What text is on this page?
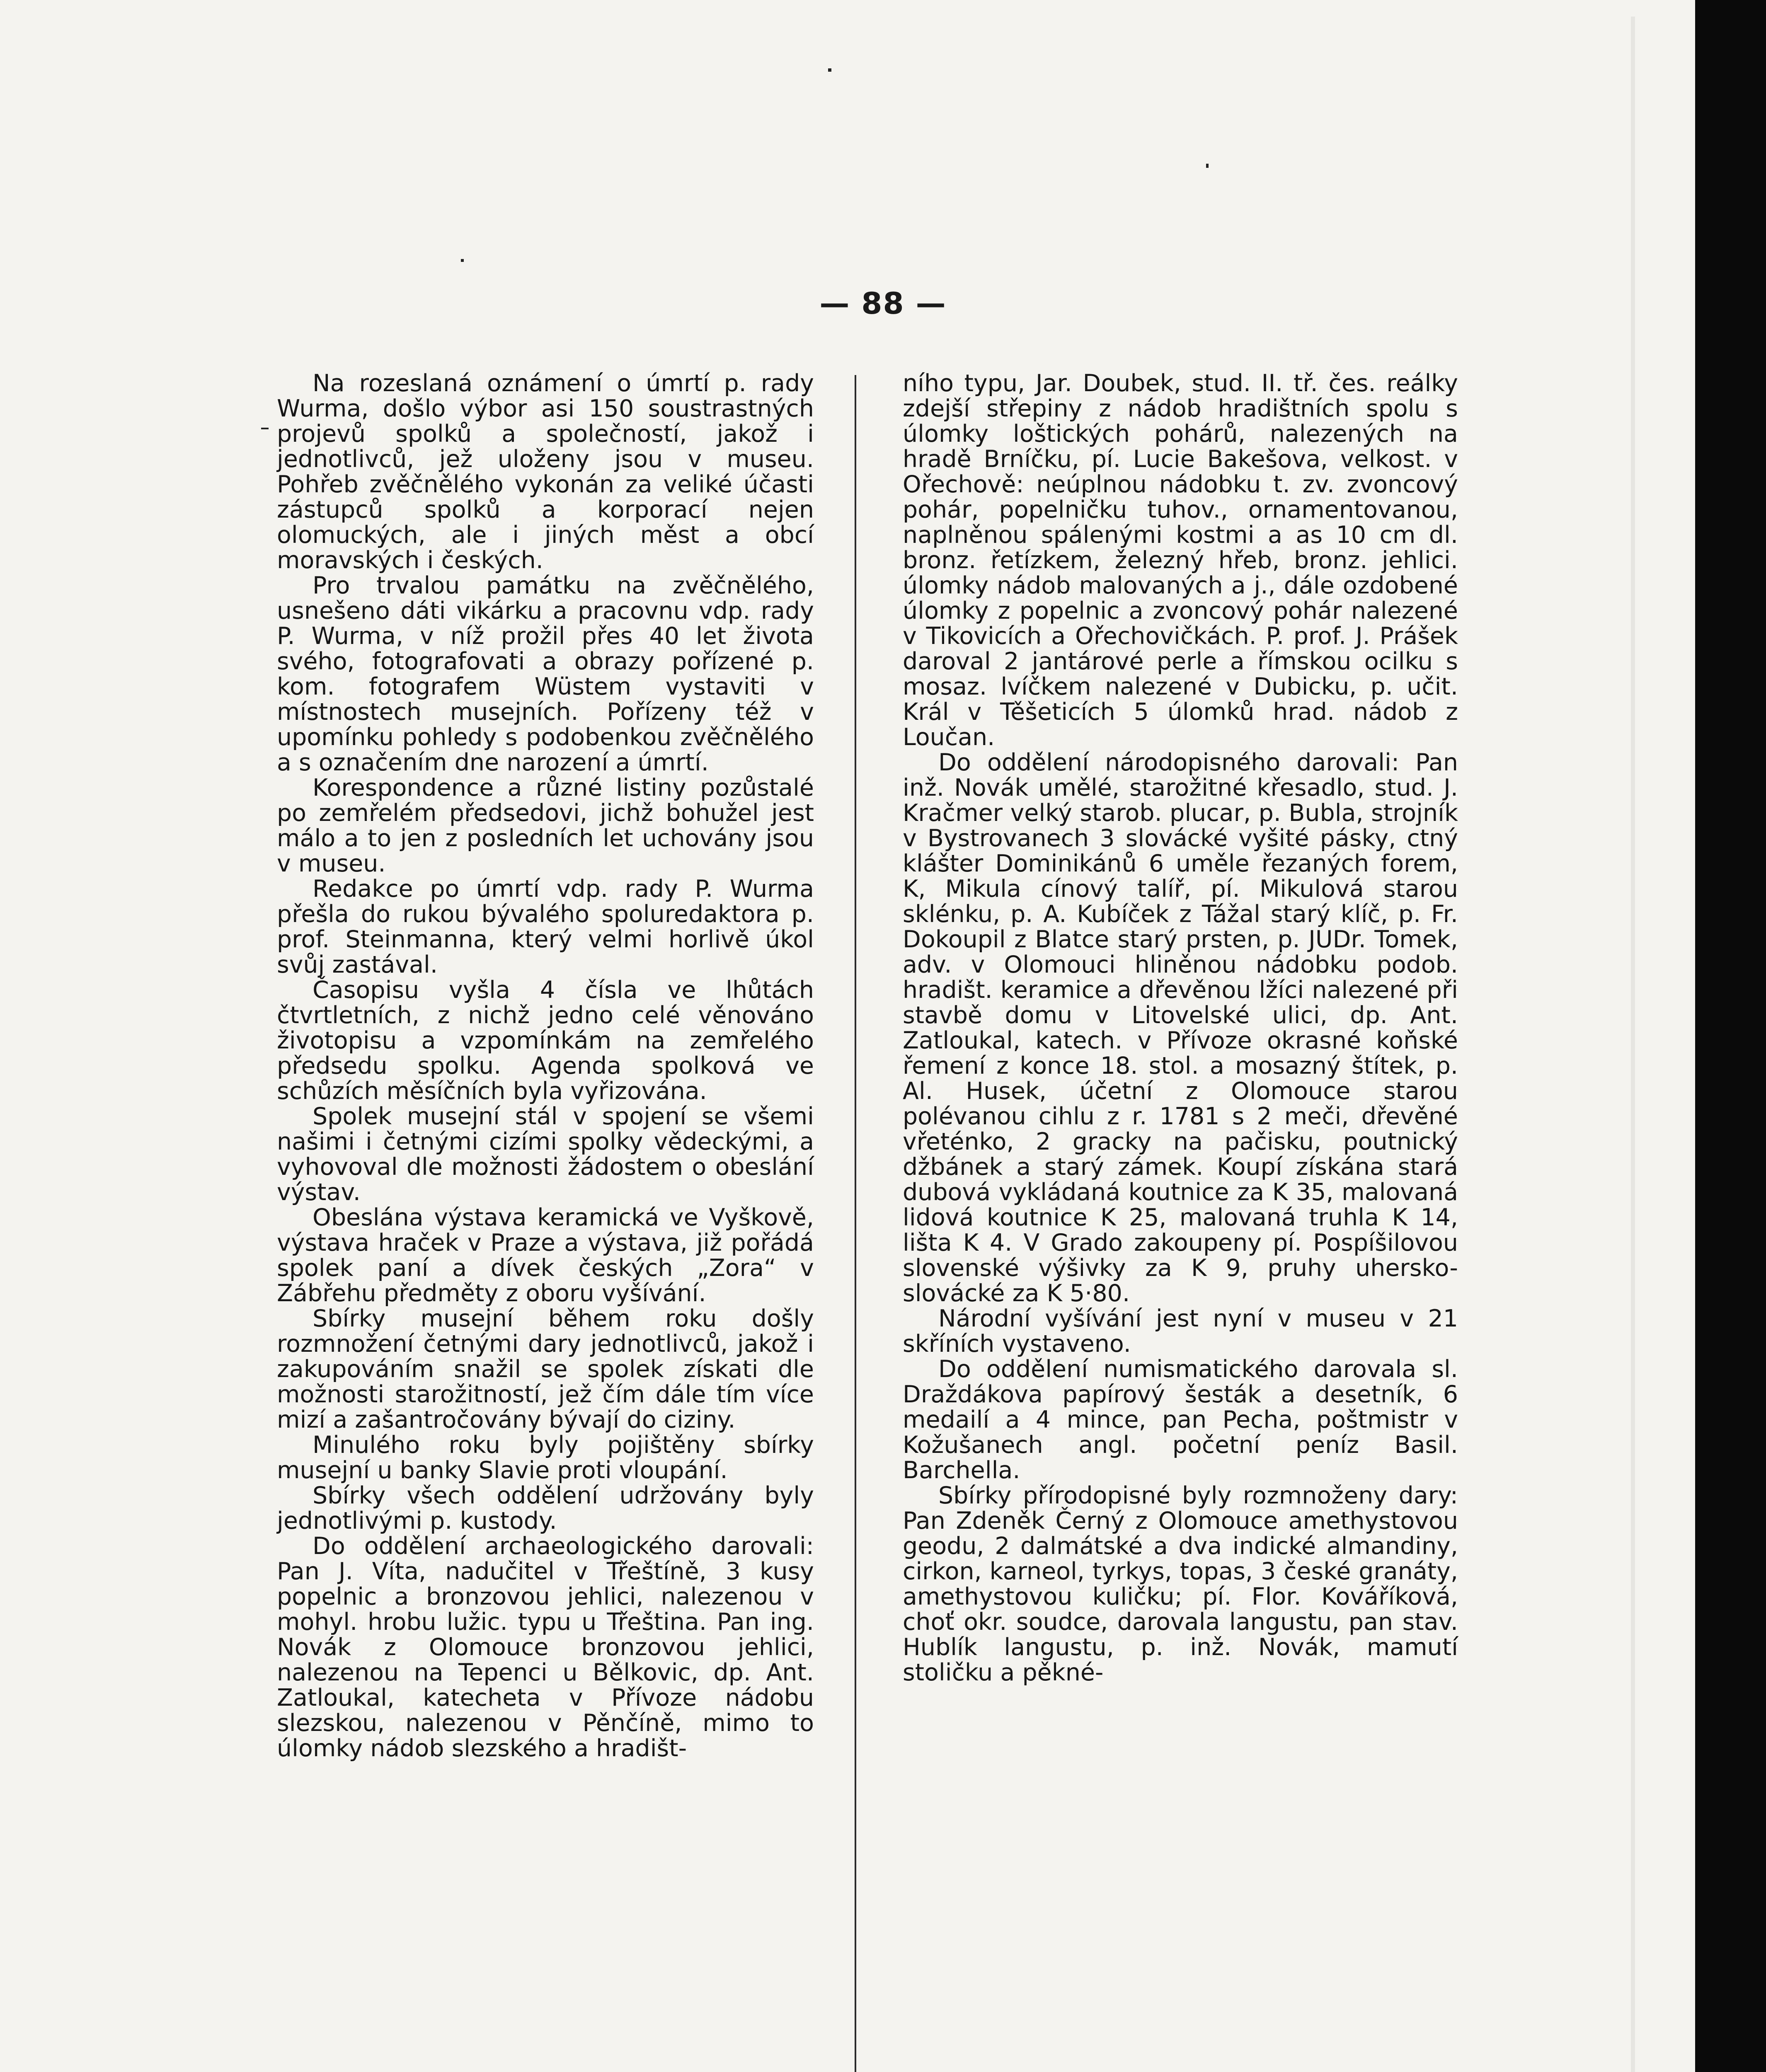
— 88 —

Na rozeslaná oznámení o úmrtí p. rady Wurma, došlo výbor asi 150 soustrastných projevů spolků a společností, jakož i jednotlivců, jež uloženy jsou v museu. Pohřeb zvěčnělého vykonán za veliké účasti zástupců spolků a korporací nejen olomuckých, ale i jiných měst a obcí moravských i českých.

Pro trvalou památku na zvěčnělého, usnešeno dáti vikárku a pracovnu vdp. rady P. Wurma, v níž prožil přes 40 let života svého, fotografovati a obrazy pořízené p. kom. fotografem Wüstem vystaviti v místnostech musejních. Pořízeny též v upomínku pohledy s podobenkou zvěčnělého a s označením dne narození a úmrtí.

Korespondence a různé listiny pozůstalé po zemřelém předsedovi, jichž bohužel jest málo a to jen z posledních let uchovány jsou v museu.

Redakce po úmrtí vdp. rady P. Wurma přešla do rukou bývalého spoluredaktora p. prof. Steinmanna, který velmi horlivě úkol svůj zastával.

Časopisu vyšla 4 čísla ve lhůtách čtvrtletních, z nichž jedno celé věnováno životopisu a vzpomínkám na zemřelého předsedu spolku. Agenda spolková ve schůzích měsíčních byla vyřizována.

Spolek musejní stál v spojení se všemi našimi i četnými cizími spolky vědeckými, a vyhovoval dle možnosti žádostem o obeslání výstav.

Obeslána výstava keramická ve Vyškově, výstava hraček v Praze a výstava, již pořádá spolek paní a dívek českých „Zora“ v Zábřehu předměty z oboru vyšívání.

Sbírky musejní během roku došly rozmnožení četnými dary jednotlivců, jakož i zakupováním snažil se spolek získati dle možnosti starožitností, jež čím dále tím více mizí a zašantročovány bývají do ciziny.

Minulého roku byly pojištěny sbírky musejní u banky Slavie proti vloupání.

Sbírky všech oddělení udržovány byly jednotlivými p. kustody.

Do oddělení archaeologického darovali: Pan J. Víta, nadučitel v Třeštíně, 3 kusy popelnic a bronzovou jehlici, nalezenou v mohyl. hrobu lužic. typu u Třeština. Pan ing. Novák z Olomouce bronzovou jehlici, nalezenou na Tepenci u Bělkovic, dp. Ant. Zatloukal, katecheta v Přívoze nádobu slezskou, nalezenou v Pěnčíně, mimo to úlomky nádob slezského a hradišt-

ního typu, Jar. Doubek, stud. II. tř. čes. reálky zdejší střepiny z nádob hradištních spolu s úlomky loštických pohárů, nalezených na hradě Brníčku, pí. Lucie Bakešova, velkost. v Ořechově: neúplnou nádobku t. zv. zvoncový pohár, popelničku tuhov., ornamentovanou, naplněnou spálenými kostmi a as 10 cm dl. bronz. řetízkem, železný hřeb, bronz. jehlici. úlomky nádob malovaných a j., dále ozdobené úlomky z popelnic a zvoncový pohár nalezené v Tikovicích a Ořechovičkách. P. prof. J. Prášek daroval 2 jantárové perle a římskou ocilku s mosaz. lvíčkem nalezené v Dubicku, p. učit. Král v Těšeticích 5 úlomků hrad. nádob z Loučan.

Do oddělení národopisného darovali: Pan inž. Novák umělé, starožitné křesadlo, stud. J. Kračmer velký starob. plucar, p. Bubla, strojník v Bystrovanech 3 slovácké vyšité pásky, ctný klášter Dominikánů 6 uměle řezaných forem, K, Mikula cínový talíř, pí. Mikulová starou sklénku, p. A. Kubíček z Tážal starý klíč, p. Fr. Dokoupil z Blatce starý prsten, p. JUDr. Tomek, adv. v Olomouci hliněnou nádobku podob. hradišt. keramice a dřevěnou lžíci nalezené při stavbě domu v Litovelské ulici, dp. Ant. Zatloukal, katech. v Přívoze okrasné koňské řemení z konce 18. stol. a mosazný štítek, p. Al. Husek, účetní z Olomouce starou polévanou cihlu z r. 1781 s 2 meči, dřevěné vřeténko, 2 gracky na pačisku, poutnický džbánek a starý zámek. Koupí získána stará dubová vykládaná koutnice za K 35, malovaná lidová koutnice K 25, malovaná truhla K 14, lišta K 4. V Grado zakoupeny pí. Pospíšilovou slovenské výšivky za K 9, pruhy uhersko-slovácké za K 5·80.

Národní vyšívání jest nyní v museu v 21 skříních vystaveno.

Do oddělení numismatického darovala sl. Draždákova papírový šesták a desetník, 6 medailí a 4 mince, pan Pecha, poštmistr v Kožušanech angl. početní peníz Basil. Barchella.

Sbírky přírodopisné byly rozmnoženy dary: Pan Zdeněk Černý z Olomouce amethystovou geodu, 2 dalmátské a dva indické almandiny, cirkon, karneol, tyrkys, topas, 3 české granáty, amethystovou kuličku; pí. Flor. Kováříková, choť okr. soudce, darovala langustu, pan stav. Hublík langustu, p. inž. Novák, mamutí stoličku a pěkné-
